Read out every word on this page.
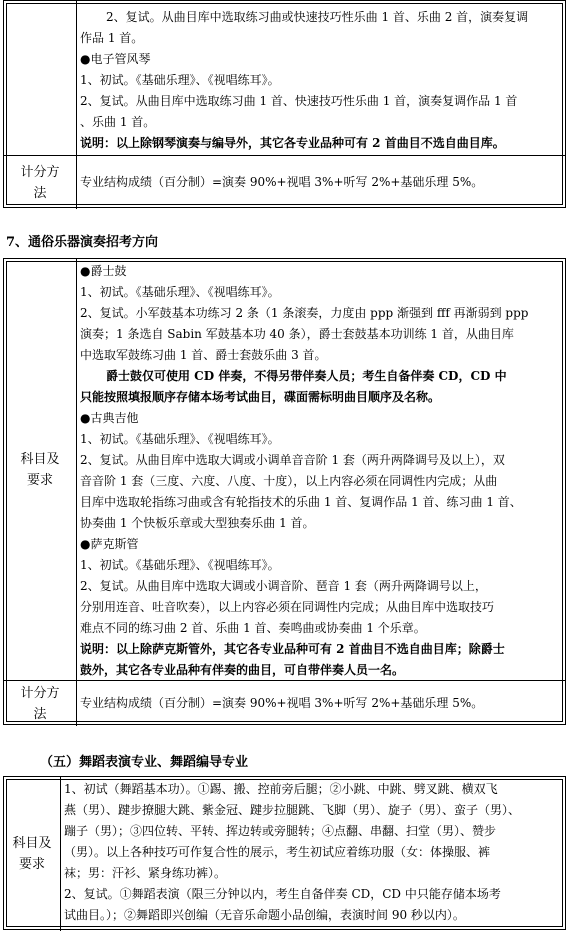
2、复试。从曲目库中选取练习曲或快速技巧性乐曲 1 首、乐曲 2 首，演奏复调

作品 1 首。

●电子管风琴

1、初试。《基础乐理》、《视唱练耳》。

2、复试。从曲目库中选取练习曲 1 首、快速技巧性乐曲 1 首，演奏复调作品 1 首

、乐曲 1 首。

说明：以上除钢琴演奏与编导外，其它各专业品种可有 2 首曲目不选自曲目库。

计分方法

专业结构成绩（百分制）=演奏 90%+视唱 3%+听写 2%+基础乐理 5%。

7、通俗乐器演奏招考方向
科目及要求

●爵士鼓

1、初试。《基础乐理》、《视唱练耳》。

2、复试。小军鼓基本功练习 2 条（1 条滚奏，力度由 ppp 渐强到 fff 再渐弱到 ppp

演奏；1 条选自 Sabin 军鼓基本功 40 条），爵士套鼓基本功训练 1 首，从曲目库

中选取军鼓练习曲 1 首、爵士套鼓乐曲 3 首。

爵士鼓仅可使用 CD 伴奏，不得另带伴奏人员；考生自备伴奏 CD，CD 中

只能按照填报顺序存储本场考试曲目，碟面需标明曲目顺序及名称。

●古典吉他

1、初试。《基础乐理》、《视唱练耳》。

2、复试。从曲目库中选取大调或小调单音音阶 1 套（两升两降调号及以上），双

音音阶 1 套（三度、六度、八度、十度），以上内容必须在同调性内完成；从曲

目库中选取轮指练习曲或含有轮指技术的乐曲 1 首、复调作品 1 首、练习曲 1 首、

协奏曲 1 个快板乐章或大型独奏乐曲 1 首。

●萨克斯管

1、初试。《基础乐理》、《视唱练耳》。

2、复试。从曲目库中选取大调或小调音阶、琶音 1 套（两升两降调号以上，

分别用连音、吐音吹奏），以上内容必须在同调性内完成；从曲目库中选取技巧

难点不同的练习曲 2 首、乐曲 1 首、奏鸣曲或协奏曲 1 个乐章。

说明：以上除萨克斯管外，其它各专业品种可有 2 首曲目不选自曲目库；除爵士

鼓外，其它各专业品种有伴奏的曲目，可自带伴奏人员一名。

计分方法

专业结构成绩（百分制）=演奏 90%+视唱 3%+听写 2%+基础乐理 5%。

（五）舞蹈表演专业、舞蹈编导专业
科目及要求

1、初试（舞蹈基本功）。①踢、搬、控前旁后腿；②小跳、中跳、劈叉跳、横双飞

燕（男）、踺步撩腿大跳、紫金冠、踺步拉腿跳、飞脚（男）、旋子（男）、蛮子（男）、

蹦子（男）；③四位转、平转、挥边转或旁腿转；④点翻、串翻、扫堂（男）、赞步

（男）。以上各种技巧可作复合性的展示，考生初试应着练功服（女：体操服、裤

袜；男：汗衫、紧身练功裤）。

2、复试。①舞蹈表演（限三分钟以内，考生自备伴奏 CD，CD 中只能存储本场考

试曲目。）；②舞蹈即兴创编（无音乐命题小品创编，表演时间 90 秒以内）。
